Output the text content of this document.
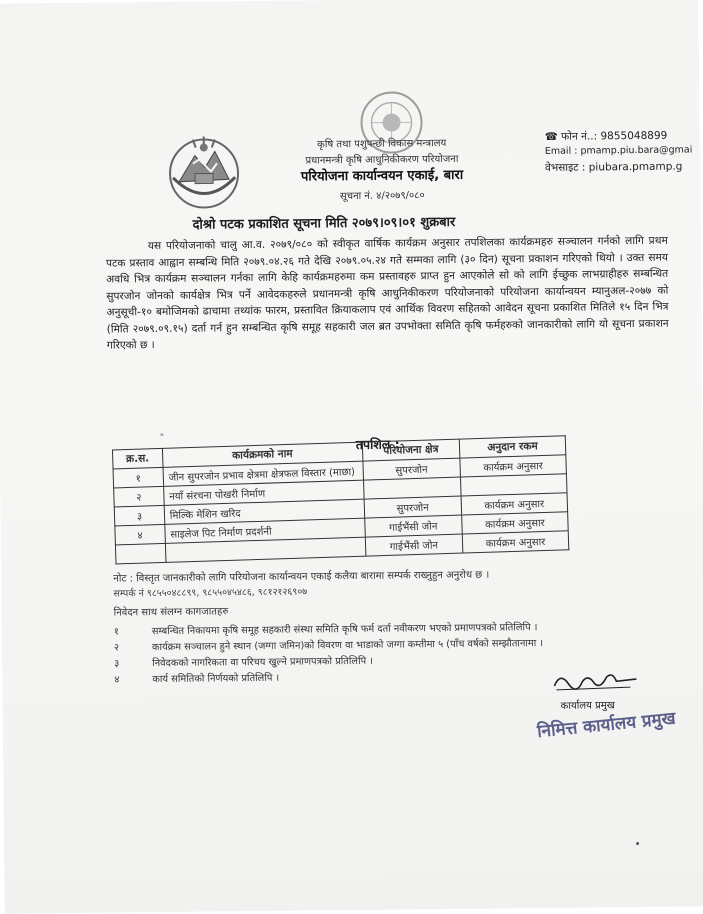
कृषि तथा पशुपन्छी विकास मन्त्रालय
प्रधानमन्त्री कृषि आधुनिकीकरण परियोजना
परियोजना कार्यान्वयन एकाई, बारा
सूचना नं. ४/२०७९/०८०
☎ फोन नं..: 9855048899
Email : pmamp.piu.bara@gmai
वेभसाइट : piubara.pmamp.g
दोश्रो पटक प्रकाशित सूचना मिति २०७९।०९।०१ शुक्रबार
यस परियोजनाको चालु आ.व. २०७९/०८० को स्वीकृत वार्षिक कार्यक्रम अनुसार तपशिलका कार्यक्रमहरु सञ्चालन गर्नको लागि प्रथम पटक प्रस्ताव आह्वान सम्बन्धि मिति २०७९.०४.२६ गते देखि २०७९.०५.२४ गते सम्मका लागि (३० दिन) सूचना प्रकाशन गरिएको थियो । उक्त समय अवधि भित्र कार्यक्रम सञ्चालन गर्नका लागि केहि कार्यक्रमहरुमा कम प्रस्तावहरु प्राप्त हुन आएकोले सो को लागि ईच्छुक लाभग्राहीहरु सम्बन्धित सुपरजोन जोनको कार्यक्षेत्र भित्र पर्ने आवेदकहरुले प्रधानमन्त्री कृषि आधुनिकीकरण परियोजनाको परियोजना कार्यान्वयन म्यानुअल-२०७७ को अनुसूची-१० बमोजिमको ढाचामा तथ्यांक फारम, प्रस्तावित क्रियाकलाप एवं आर्थिक विवरण सहितको आवेदन सूचना प्रकाशित मितिले १५ दिन भित्र (मिति २०७९.०९.१५) दर्ता गर्न हुन सम्बन्धित कृषि समूह सहकारी जल ब्रत उपभोक्ता समिति कृषि फर्महरुको जानकारीको लागि यो सूचना प्रकाशन गरिएको छ ।
"	तपशिल :
क्र.स.	कार्यक्रमको नाम	परियोजना क्षेत्र	अनुदान रकम
१	जीन सुपरजोन प्रभाव क्षेत्रमा क्षेत्रफल विस्तार (माछा)	सुपरजोन	कार्यक्रम अनुसार
२	नयाँ संरचना पोखरी निर्माण		
३	मिल्कि मेशिन खरिद	सुपरजोन	कार्यक्रम अनुसार
४	साइलेज पिट निर्माण प्रदर्शनी	गाईभैंसी जोन	कार्यक्रम अनुसार
		गाईभैंसी जोन	कार्यक्रम अनुसार
नोट : विस्तृत जानकारीको लागि परियोजना कार्यान्वयन एकाई कलैया बारामा सम्पर्क राख्नुहुन अनुरोध छ ।
सम्पर्क नं ९८५५०४८८९९, ९८५५०४५४८६, ९८१२१२६९०७
निवेदन साथ संलग्न कागजातहरु
१	सम्बन्धित निकायमा कृषि समूह सहकारी संस्था समिति कृषि फर्म दर्ता नवीकरण भएको प्रमाणपत्रको प्रतिलिपि ।
२	कार्यक्रम सञ्चालन हुने स्थान (जग्गा जमिन)को विवरण वा भाडाको जग्गा कम्तीमा ५ (पाँच वर्षको सम्झौतानामा ।
३	निवेदकको नागरिकता वा परिचय खुल्ने प्रमाणपत्रको प्रतिलिपि ।
४	कार्य समितिको निर्णयको प्रतिलिपि ।
कार्यालय प्रमुख
निमित्त कार्यालय प्रमुख
